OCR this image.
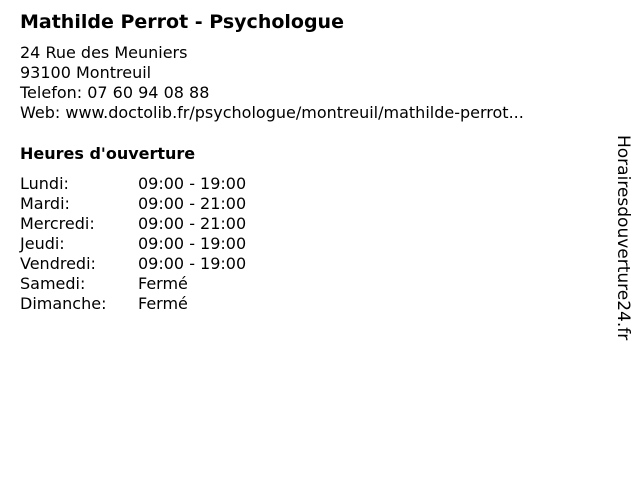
Mathilde Perrot - Psychologue
24 Rue des Meuniers
93100 Montreuil
Telefon: 07 60 94 08 88
Web: www.doctolib.fr/psychologue/montreuil/mathilde-perrot...
Heures d'ouverture
Lundi:	09:00 - 19:00
Mardi:	09:00 - 21:00
Mercredi:	09:00 - 21:00
Jeudi:	09:00 - 19:00
Vendredi:	09:00 - 19:00
Samedi:	Fermé
Dimanche: Fermé	Horairesdouverture24.fr
